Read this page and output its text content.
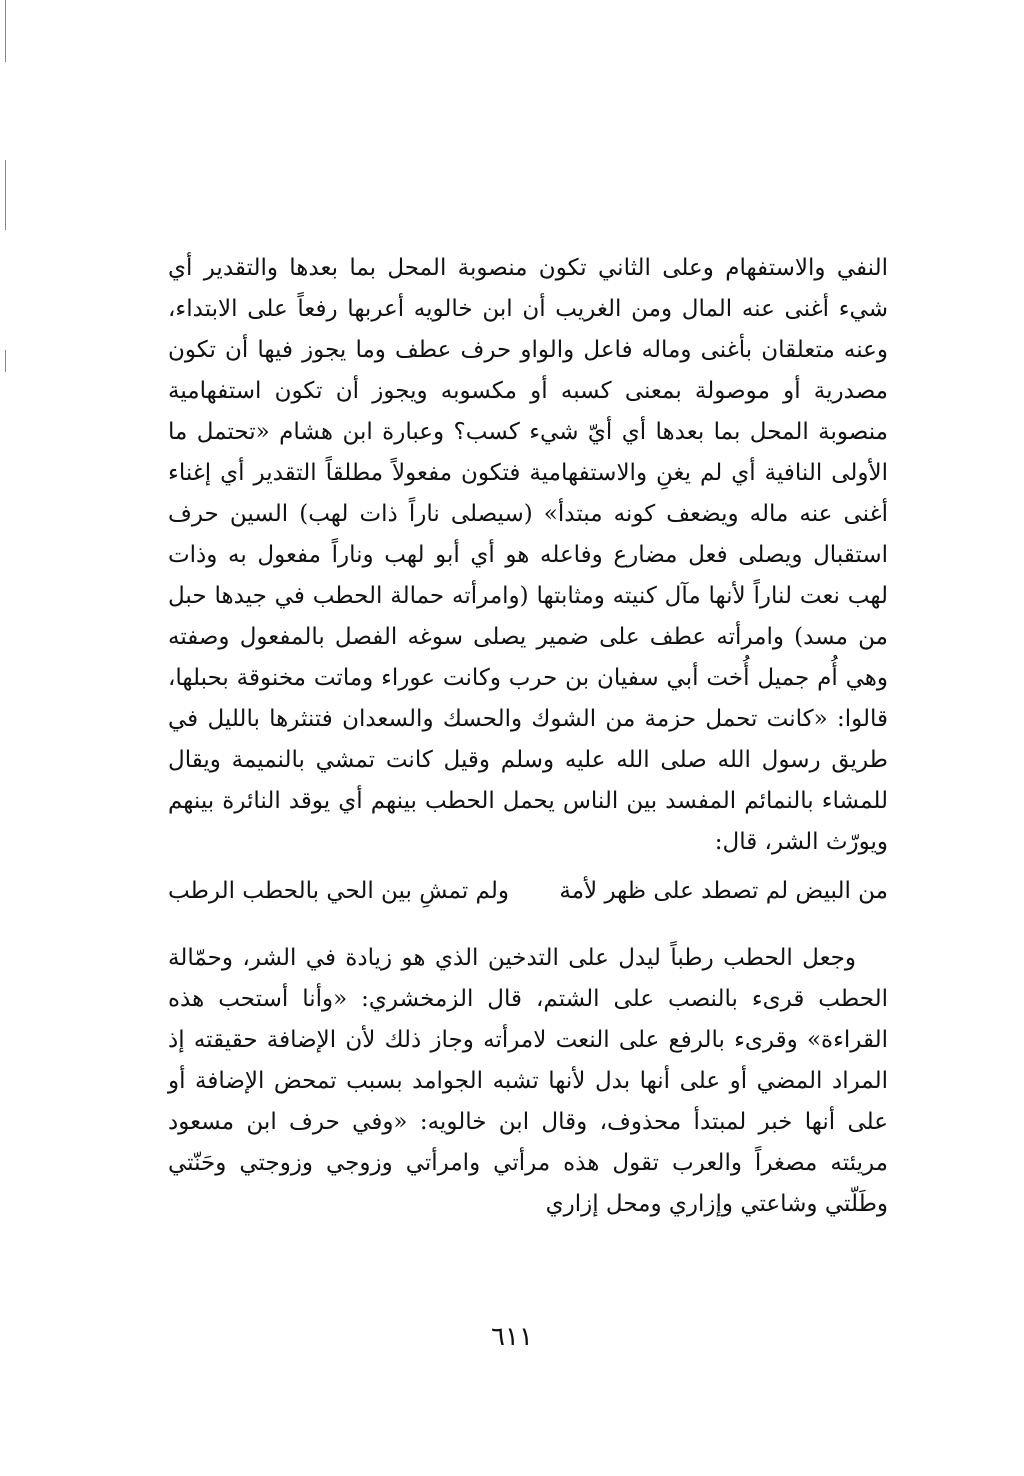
النفي والاستفهام وعلى الثاني تكون منصوبة المحل بما بعدها والتقدير أي شيء أغنى عنه المال ومن الغريب أن ابن خالويه أعربها رفعاً على الابتداء، وعنه متعلقان بأغنى وماله فاعل والواو حرف عطف وما يجوز فيها أن تكون مصدرية أو موصولة بمعنى كسبه أو مكسوبه ويجوز أن تكون استفهامية منصوبة المحل بما بعدها أي أيّ شيء كسب؟ وعبارة ابن هشام «تحتمل ما الأولى النافية أي لم يغنِ والاستفهامية فتكون مفعولاً مطلقاً التقدير أي إغناء أغنى عنه ماله ويضعف كونه مبتدأ» (سيصلى ناراً ذات لهب) السين حرف استقبال ويصلى فعل مضارع وفاعله هو أي أبو لهب وناراً مفعول به وذات لهب نعت لناراً لأنها مآل كنيته ومثابتها (وامرأته حمالة الحطب في جيدها حبل من مسد) وامرأته عطف على ضمير يصلى سوغه الفصل بالمفعول وصفته وهي أُم جميل أُخت أبي سفيان بن حرب وكانت عوراء وماتت مخنوقة بحبلها، قالوا: «كانت تحمل حزمة من الشوك والحسك والسعدان فتنثرها بالليل في طريق رسول الله صلى الله عليه وسلم وقيل كانت تمشي بالنميمة ويقال للمشاء بالنمائم المفسد بين الناس يحمل الحطب بينهم أي يوقد النائرة بينهم ويورّث الشر، قال:

من البيض لم تصطد على ظهر لأمة
ولم تمشِ بين الحي بالحطب الرطب

وجعل الحطب رطباً ليدل على التدخين الذي هو زيادة في الشر، وحمّالة الحطب قرىء بالنصب على الشتم، قال الزمخشري: «وأنا أستحب هذه القراءة» وقرىء بالرفع على النعت لامرأته وجاز ذلك لأن الإضافة حقيقته إذ المراد المضي أو على أنها بدل لأنها تشبه الجوامد بسبب تمحض الإضافة أو على أنها خبر لمبتدأ محذوف، وقال ابن خالويه: «وفي حرف ابن مسعود مريئته مصغراً والعرب تقول هذه مرأتي وامرأتي وزوجي وزوجتي وحَنّتي وطَلّتي وشاعتي وإزاري ومحل إزاري

٦١١
